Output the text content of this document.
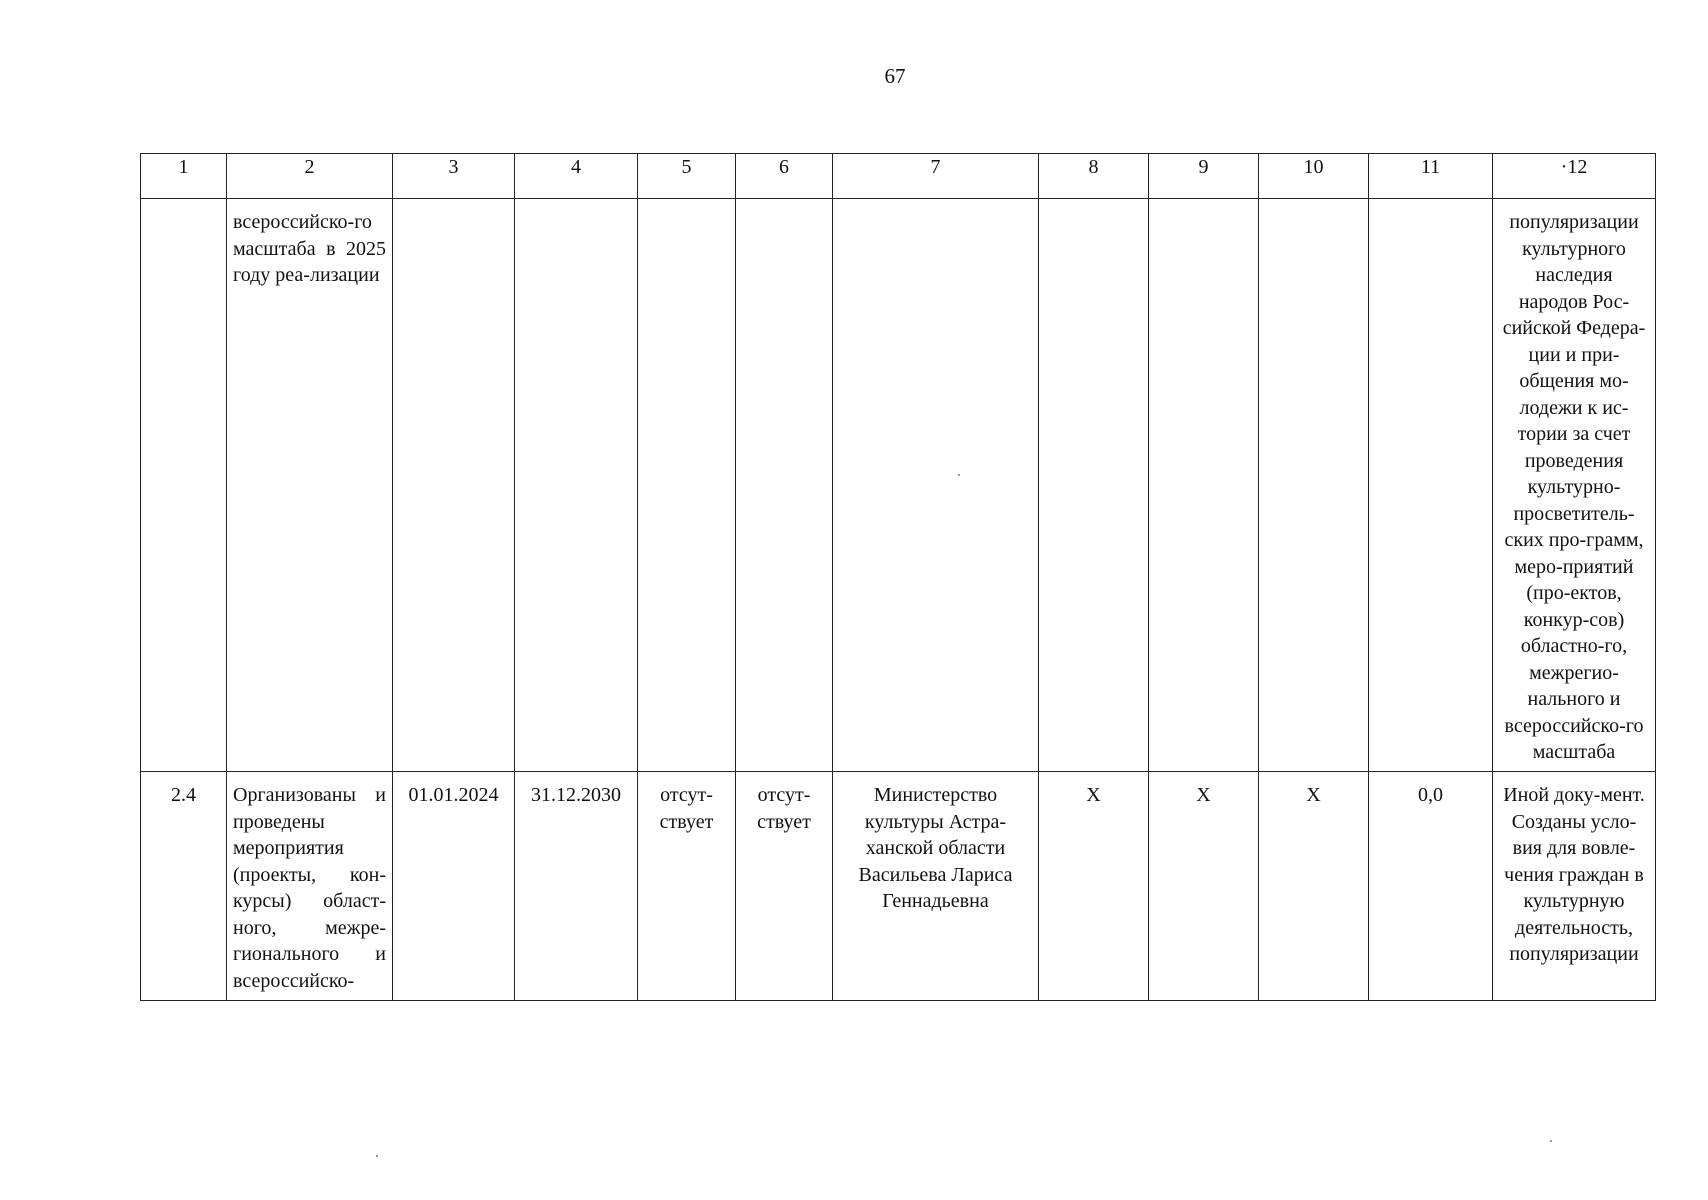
67
1	2	3	4	5	6	7	8	9	10	11	·12

	всероссийско-го масштаба в 2025 году реа-лизации										популяризации культурного наследия народов Рос-сийской Федера-ции и при-общения мо-лодежи к ис-тории за счет проведения культурно-просветитель-ских про-грамм, меро-приятий (про-ектов, конкур-сов) областно-го, межрегио-нального и всероссийско-го масштаба

2.4	Организованы и проведены мероприятия (проекты, кон-курсы) област-ного, межре-гионального и всероссийско-	01.01.2024	31.12.2030	отсут-ствует	отсут-ствует	Министерство культуры Астра-ханской области Васильева Лариса Геннадьевна	X	X	X	0,0	Иной доку-мент. Созданы усло-вия для вовле-чения граждан в культурную деятельность, популяризации
